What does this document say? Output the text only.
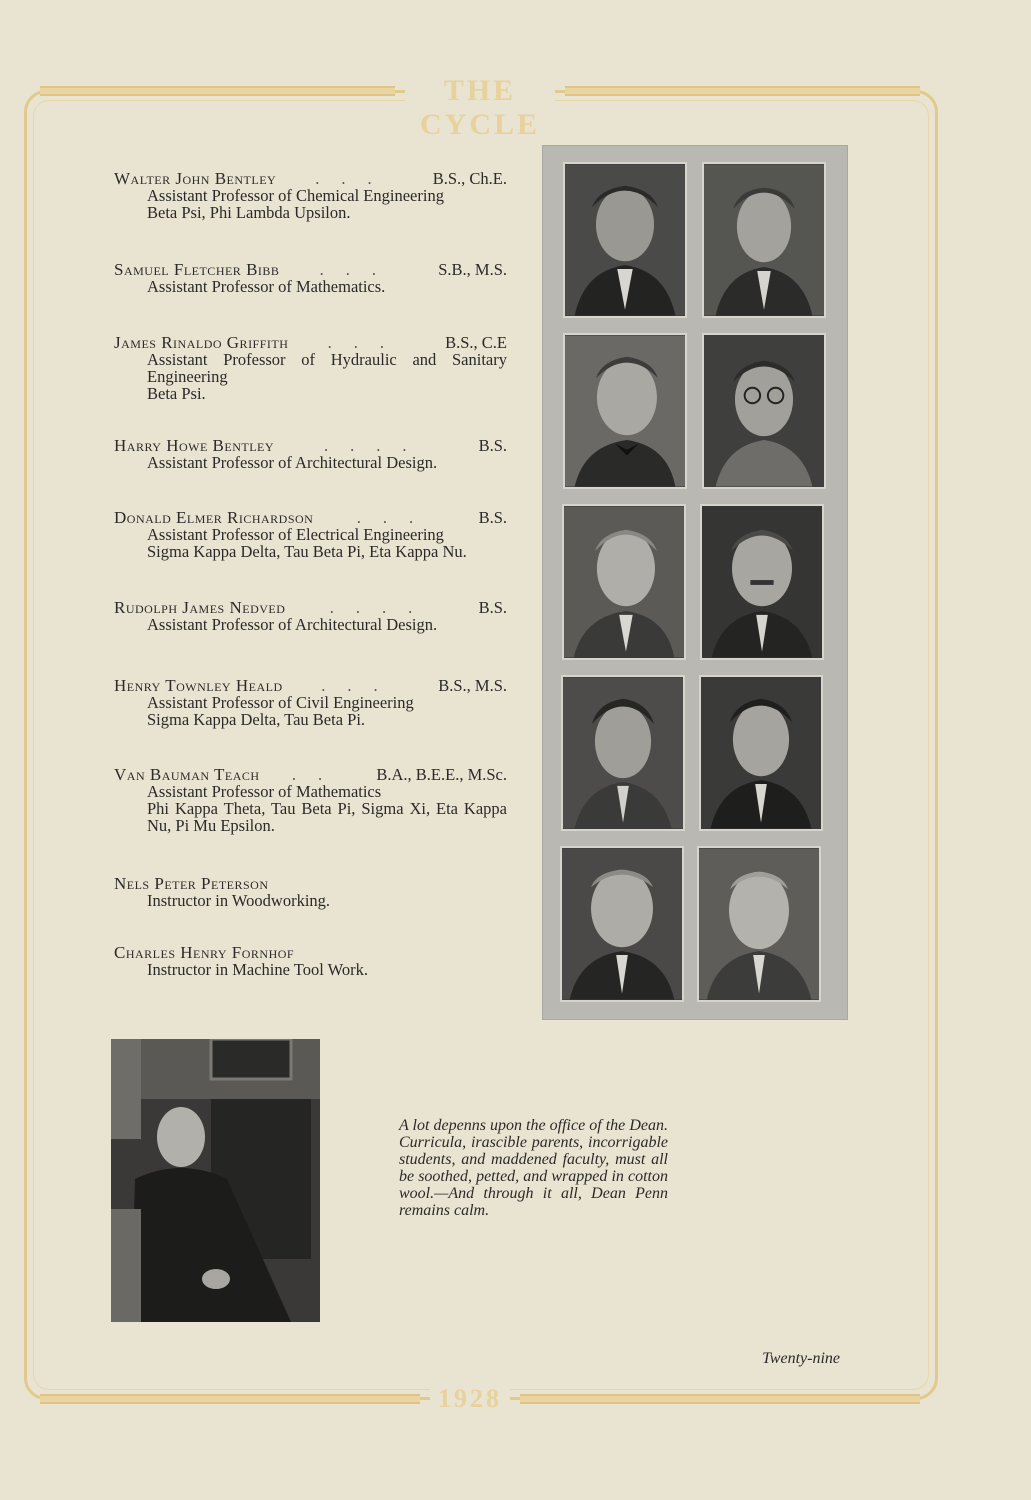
THE CYCLE
1928
Walter John Bentley	...	B.S., Ch.E.
Assistant Professor of Chemical Engineering
Beta Psi, Phi Lambda Upsilon.
Samuel Fletcher Bibb	...	S.B., M.S.
Assistant Professor of Mathematics.
James Rinaldo Griffith	...	B.S., C.E
Assistant Professor of Hydraulic and Sanitary Engineering
Beta Psi.
Harry Howe Bentley	....	B.S.
Assistant Professor of Architectural Design.
Donald Elmer Richardson	...	B.S.
Assistant Professor of Electrical Engineering
Sigma Kappa Delta, Tau Beta Pi, Eta Kappa Nu.
Rudolph James Nedved	....	B.S.
Assistant Professor of Architectural Design.
Henry Townley Heald	...	B.S., M.S.
Assistant Professor of Civil Engineering
Sigma Kappa Delta, Tau Beta Pi.
Van Bauman Teach	..	B.A., B.E.E., M.Sc.
Assistant Professor of Mathematics
Phi Kappa Theta, Tau Beta Pi, Sigma Xi, Eta Kappa Nu, Pi Mu Epsilon.
Nels Peter Peterson
Instructor in Woodworking.
Charles Henry Fornhof
Instructor in Machine Tool Work.
A lot depenns upon the office of the Dean. Curricula, irascible parents, incorrigable students, and maddened faculty, must all be soothed, petted, and wrapped in cotton wool.—And through it all, Dean Penn remains calm.
Twenty-nine
